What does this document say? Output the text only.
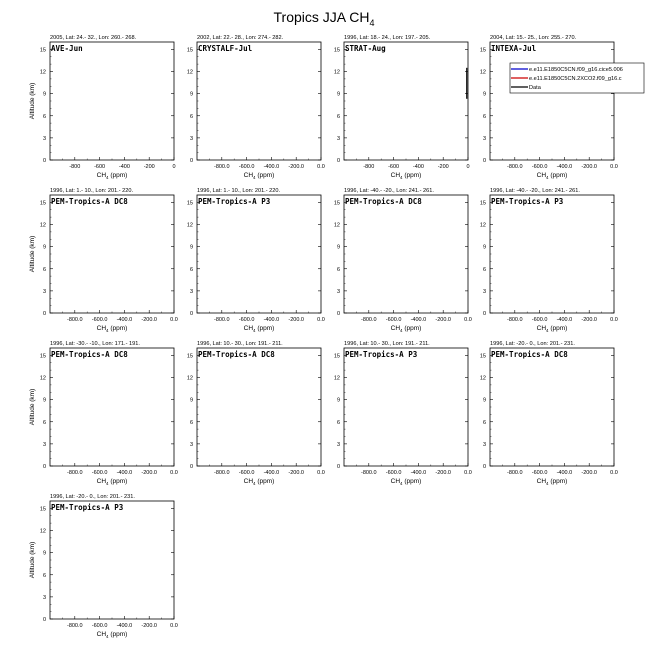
Tropics JJA $CH_4$
2005, Lat: 24.- 32., Lon: 260.- 268.
AVE-Jun
0
3
6
9
12
15
-800	-600	-400	-200	0
$CH_4$ (ppm)
Altitude (km)
2002, Lat: 22.- 28., Lon: 274.- 282.
CRYSTALF-Jul
0
3
6
9
12
15
-800.0 -600.0 -400.0 -200.0 0.0
$CH_4$ (ppm)
1996, Lat: 18.- 24., Lon: 197.- 205.
STRAT-Aug
0
3
6
9
12
15
-800	-600	-400	-200	0
$CH_4$ (ppm)
2004, Lat: 15.- 25., Lon: 255.- 270.
INTEXA-Jul
0
3
6
9
12
15
-800.0 -600.0 -400.0 -200.0 0.0
$CH_4$ (ppm)
1996, Lat: 1.- 10., Lon: 201.- 220.
PEM-Tropics-A DC8
0
3
6
9
12
15
-800.0 -600.0 -400.0 -200.0 0.0
$CH_4$ (ppm)
Altitude (km)
1996, Lat: 1.- 10., Lon: 201.- 220.
PEM-Tropics-A P3
0
3
6
9
12
15
-800.0 -600.0 -400.0 -200.0 0.0
$CH_4$ (ppm)
1996, Lat: -40.- -20., Lon: 241.- 261.
PEM-Tropics-A DC8
0
3
6
9
12
15
-800.0 -600.0 -400.0 -200.0 0.0
$CH_4$ (ppm)
1996, Lat: -40.- -20., Lon: 241.- 261.
PEM-Tropics-A P3
0
3
6
9
12
15
-800.0 -600.0 -400.0 -200.0 0.0
$CH_4$ (ppm)
1996, Lat: -30.- -10., Lon: 171.- 191.
PEM-Tropics-A DC8
0
3
6
9
12
15
-800.0 -600.0 -400.0 -200.0 0.0
$CH_4$ (ppm)
Altitude (km)
1996, Lat: 10.- 30., Lon: 191.- 211.
PEM-Tropics-A DC8
0
3
6
9
12
15
-800.0 -600.0 -400.0 -200.0 0.0
$CH_4$ (ppm)
1996, Lat: 10.- 30., Lon: 191.- 211.
PEM-Tropics-A P3
0
3
6
9
12
15
-800.0 -600.0 -400.0 -200.0 0.0
$CH_4$ (ppm)
1996, Lat: -20.- 0., Lon: 201.- 231.
PEM-Tropics-A DC8
0
3
6
9
12
15
-800.0 -600.0 -400.0 -200.0 0.0
$CH_4$ (ppm)
1996, Lat: -20.- 0., Lon: 201.- 231.
PEM-Tropics-A P3
0
3
6
9
12
15
-800.0 -600.0 -400.0 -200.0 0.0
$CH_4$ (ppm)
Altitude (km)
e.e11.E1850C5CN.f09_g16.cice5.006
e.e11.E1850C5CN.2XCO2.f09_g16.c
Data
